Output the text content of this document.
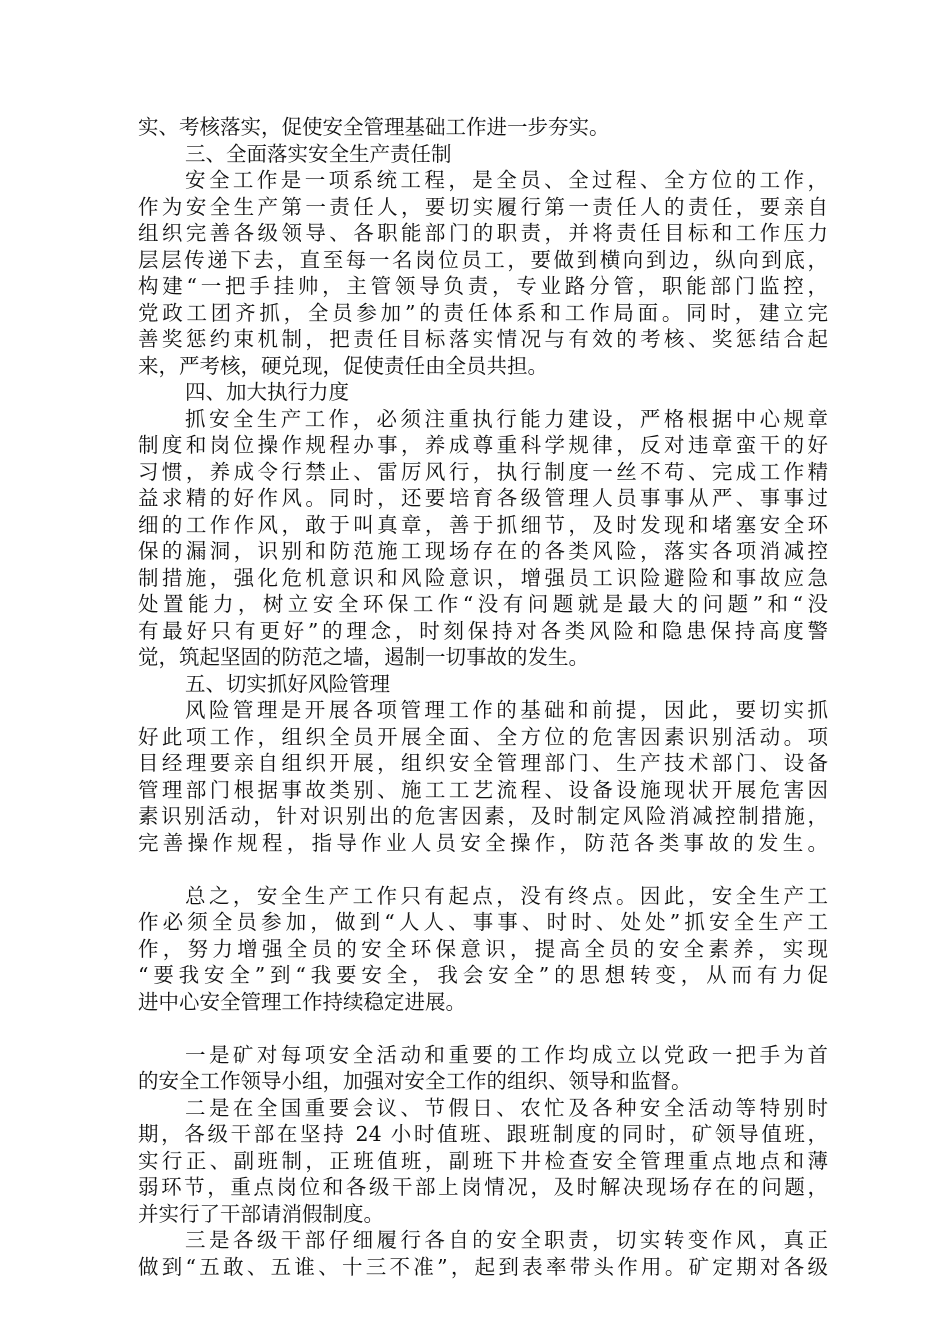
实、考核落实，促使安全管理基础工作进一步夯实。
三、全面落实安全生产责任制
安全工作是一项系统工程，是全员、全过程、全方位的工作，
作为安全生产第一责任人，要切实履行第一责任人的责任，要亲自
组织完善各级领导、各职能部门的职责，并将责任目标和工作压力
层层传递下去，直至每一名岗位员工，要做到横向到边，纵向到底，
构建“一把手挂帅，主管领导负责，专业路分管，职能部门监控，
党政工团齐抓，全员参加”的责任体系和工作局面。同时，建立完
善奖惩约束机制，把责任目标落实情况与有效的考核、奖惩结合起
来，严考核，硬兑现，促使责任由全员共担。
四、加大执行力度
抓安全生产工作，必须注重执行能力建设，严格根据中心规章
制度和岗位操作规程办事，养成尊重科学规律，反对违章蛮干的好
习惯，养成令行禁止、雷厉风行，执行制度一丝不苟、完成工作精
益求精的好作风。同时，还要培育各级管理人员事事从严、事事过
细的工作作风，敢于叫真章，善于抓细节，及时发现和堵塞安全环
保的漏洞，识别和防范施工现场存在的各类风险，落实各项消减控
制措施，强化危机意识和风险意识，增强员工识险避险和事故应急
处置能力，树立安全环保工作“没有问题就是最大的问题”和“没
有最好只有更好”的理念，时刻保持对各类风险和隐患保持高度警
觉，筑起坚固的防范之墙，遏制一切事故的发生。
五、切实抓好风险管理
风险管理是开展各项管理工作的基础和前提，因此，要切实抓
好此项工作，组织全员开展全面、全方位的危害因素识别活动。项
目经理要亲自组织开展，组织安全管理部门、生产技术部门、设备
管理部门根据事故类别、施工工艺流程、设备设施现状开展危害因
素识别活动，针对识别出的危害因素，及时制定风险消减控制措施，
完善操作规程，指导作业人员安全操作，防范各类事故的发生。
总之，安全生产工作只有起点，没有终点。因此，安全生产工
作必须全员参加，做到“人人、事事、时时、处处”抓安全生产工
作，努力增强全员的安全环保意识，提高全员的安全素养，实现
“要我安全”到“我要安全，我会安全”的思想转变，从而有力促
进中心安全管理工作持续稳定进展。
一是矿对每项安全活动和重要的工作均成立以党政一把手为首
的安全工作领导小组，加强对安全工作的组织、领导和监督。
二是在全国重要会议、节假日、农忙及各种安全活动等特别时
期，各级干部在坚持 24 小时值班、跟班制度的同时，矿领导值班，
实行正、副班制，正班值班，副班下井检查安全管理重点地点和薄
弱环节，重点岗位和各级干部上岗情况，及时解决现场存在的问题，
并实行了干部请消假制度。
三是各级干部仔细履行各自的安全职责，切实转变作风，真正
做到“五敢、五谁、十三不准”，起到表率带头作用。矿定期对各级
